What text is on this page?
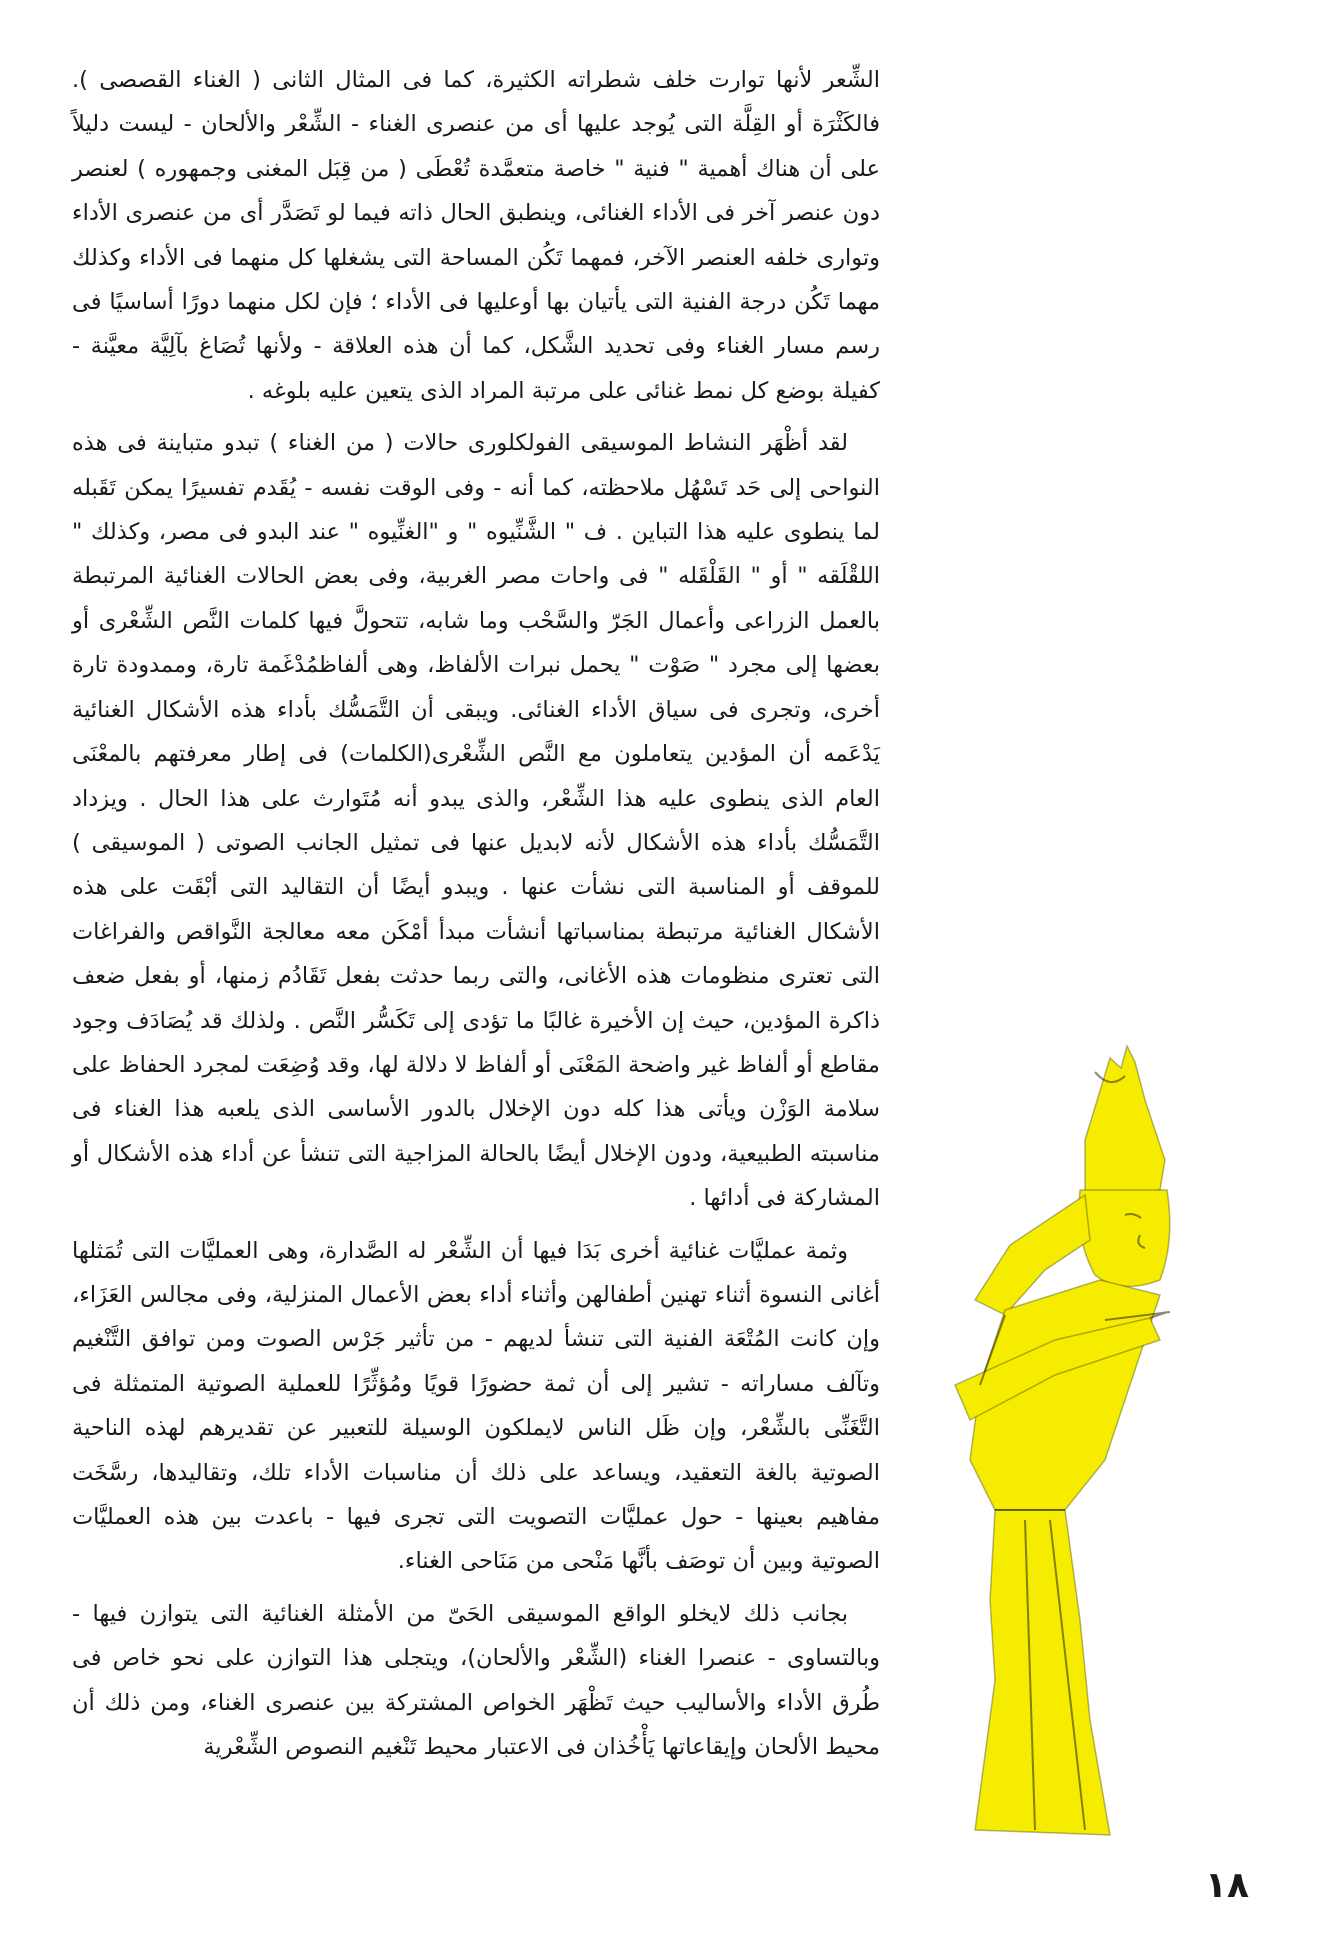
الشِّعر لأنها توارت خلف شطراته الكثيرة، كما فى المثال الثانى ( الغناء القصصى ). فالكَثْرَة أو القِلَّة التى يُوجد عليها أى من عنصرى الغناء - الشِّعْر والألحان - ليست دليلاً على أن هناك أهمية " فنية " خاصة متعمَّدة تُعْطَى ( من قِبَل المغنى وجمهوره ) لعنصر دون عنصر آخر فى الأداء الغنائى، وينطبق الحال ذاته فيما لو تَصَدَّر أى من عنصرى الأداء وتوارى خلفه العنصر الآخر، فمهما تَكُن المساحة التى يشغلها كل منهما فى الأداء وكذلك مهما تَكُن درجة الفنية التى يأتيان بها أوعليها فى الأداء ؛ فإن لكل منهما دورًا أساسيًا فى رسم مسار الغناء وفى تحديد الشَّكل، كما أن هذه العلاقة - ولأنها تُصَاغ بآلِيَّة معيَّنة - كفيلة بوضع كل نمط غنائى على مرتبة المراد الذى يتعين عليه بلوغه .

لقد أظْهَر النشاط الموسيقى الفولكلورى حالات ( من الغناء ) تبدو متباينة فى هذه النواحى إلى حَد تَسْهُل ملاحظته، كما أنه - وفى الوقت نفسه - يُقَدم تفسيرًا يمكن تَقَبله لما ينطوى عليه هذا التباين . ف " الشَّنِّيوه " و "الغنِّيوه " عند البدو فى مصر، وكذلك " اللقْلَقه " أو " القَلْقَله " فى واحات مصر الغربية، وفى بعض الحالات الغنائية المرتبطة بالعمل الزراعى وأعمال الجَرّ والسَّحْب وما شابه، تتحولَّ فيها كلمات النَّص الشِّعْرى أو بعضها إلى مجرد " صَوْت " يحمل نبرات الألفاظ، وهى ألفاظمُدْغَمة تارة، وممدودة تارة أخرى، وتجرى فى سياق الأداء الغنائى. ويبقى أن التَّمَسُّك بأداء هذه الأشكال الغنائية يَدْعَمه أن المؤدين يتعاملون مع النَّص الشِّعْرى(الكلمات) فى إطار معرفتهم بالمعْنَى العام الذى ينطوى عليه هذا الشِّعْر، والذى يبدو أنه مُتَوارث على هذا الحال . ويزداد التَّمَسُّك بأداء هذه الأشكال لأنه لابديل عنها فى تمثيل الجانب الصوتى ( الموسيقى ) للموقف أو المناسبة التى نشأت عنها . ويبدو أيضًا أن التقاليد التى أبْقَت على هذه الأشكال الغنائية مرتبطة بمناسباتها أنشأت مبدأ أمْكَن معه معالجة النَّواقص والفراغات التى تعترى منظومات هذه الأغانى، والتى ربما حدثت بفعل تَقَادُم زمنها، أو بفعل ضعف ذاكرة المؤدين، حيث إن الأخيرة غالبًا ما تؤدى إلى تَكَسُّر النَّص . ولذلك قد يُصَادَف وجود مقاطع أو ألفاظ غير واضحة المَعْنَى أو ألفاظ لا دلالة لها، وقد وُضِعَت لمجرد الحفاظ على سلامة الوَزْن ويأتى هذا كله دون الإخلال بالدور الأساسى الذى يلعبه هذا الغناء فى مناسبته الطبيعية، ودون الإخلال أيضًا بالحالة المزاجية التى تنشأ عن أداء هذه الأشكال أو المشاركة فى أدائها .

وثمة عمليَّات غنائية أخرى بَدَا فيها أن الشِّعْر له الصَّدارة، وهى العمليَّات التى تُمَثلها أغانى النسوة أثناء تهنين أطفالهن وأثناء أداء بعض الأعمال المنزلية، وفى مجالس العَزَاء، وإن كانت المُتْعَة الفنية التى تنشأ لديهم - من تأثير جَرْس الصوت ومن توافق التَّنْغيم وتآلف مساراته - تشير إلى أن ثمة حضورًا قويًا ومُؤثِّرًا للعملية الصوتية المتمثلة فى التَّغَنِّى بالشِّعْر، وإن ظَل الناس لايملكون الوسيلة للتعبير عن تقديرهم لهذه الناحية الصوتية بالغة التعقيد، ويساعد على ذلك أن مناسبات الأداء تلك، وتقاليدها، رسَّخَت مفاهيم بعينها - حول عمليَّات التصويت التى تجرى فيها - باعدت بين هذه العمليَّات الصوتية وبين أن توصَف بأنَّها مَنْحى من مَنَاحى الغناء.

بجانب ذلك لايخلو الواقع الموسيقى الحَىّ من الأمثلة الغنائية التى يتوازن فيها - وبالتساوى - عنصرا الغناء (الشِّعْر والألحان)، ويتجلى هذا التوازن على نحو خاص فى طُرق الأداء والأساليب حيث تَظْهَر الخواص المشتركة بين عنصرى الغناء، ومن ذلك أن محيط الألحان وإيقاعاتها يَأْخُذان فى الاعتبار محيط تَنْغيم النصوص الشِّعْرية

١٨
